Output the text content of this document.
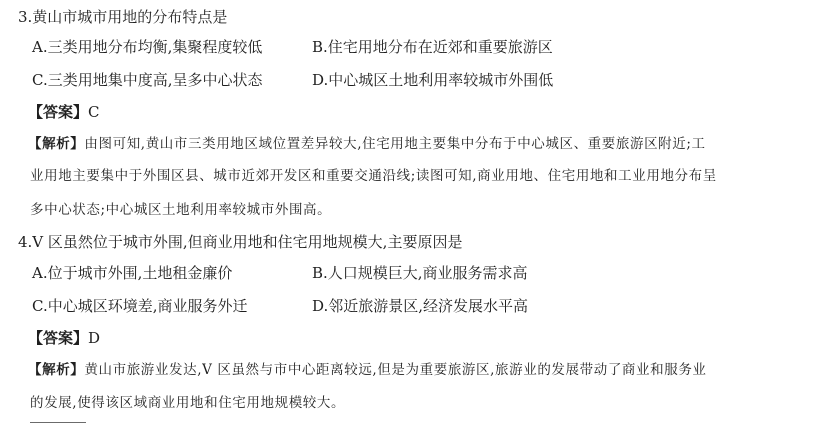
3.黄山市城市用地的分布特点是
A.三类用地分布均衡,集聚程度较低	B.住宅用地分布在近郊和重要旅游区
C.三类用地集中度高,呈多中心状态	D.中心城区土地利用率较城市外围低
【答案】C
【解析】由图可知,黄山市三类用地区域位置差异较大,住宅用地主要集中分布于中心城区、重要旅游区附近;工
业用地主要集中于外围区县、城市近郊开发区和重要交通沿线;读图可知,商业用地、住宅用地和工业用地分布呈
多中心状态;中心城区土地利用率较城市外围高。
4.V 区虽然位于城市外围,但商业用地和住宅用地规模大,主要原因是
A.位于城市外围,土地租金廉价	B.人口规模巨大,商业服务需求高
C.中心城区环境差,商业服务外迁	D.邻近旅游景区,经济发展水平高
【答案】D
【解析】黄山市旅游业发达,V 区虽然与市中心距离较远,但是为重要旅游区,旅游业的发展带动了商业和服务业
的发展,使得该区域商业用地和住宅用地规模较大。
